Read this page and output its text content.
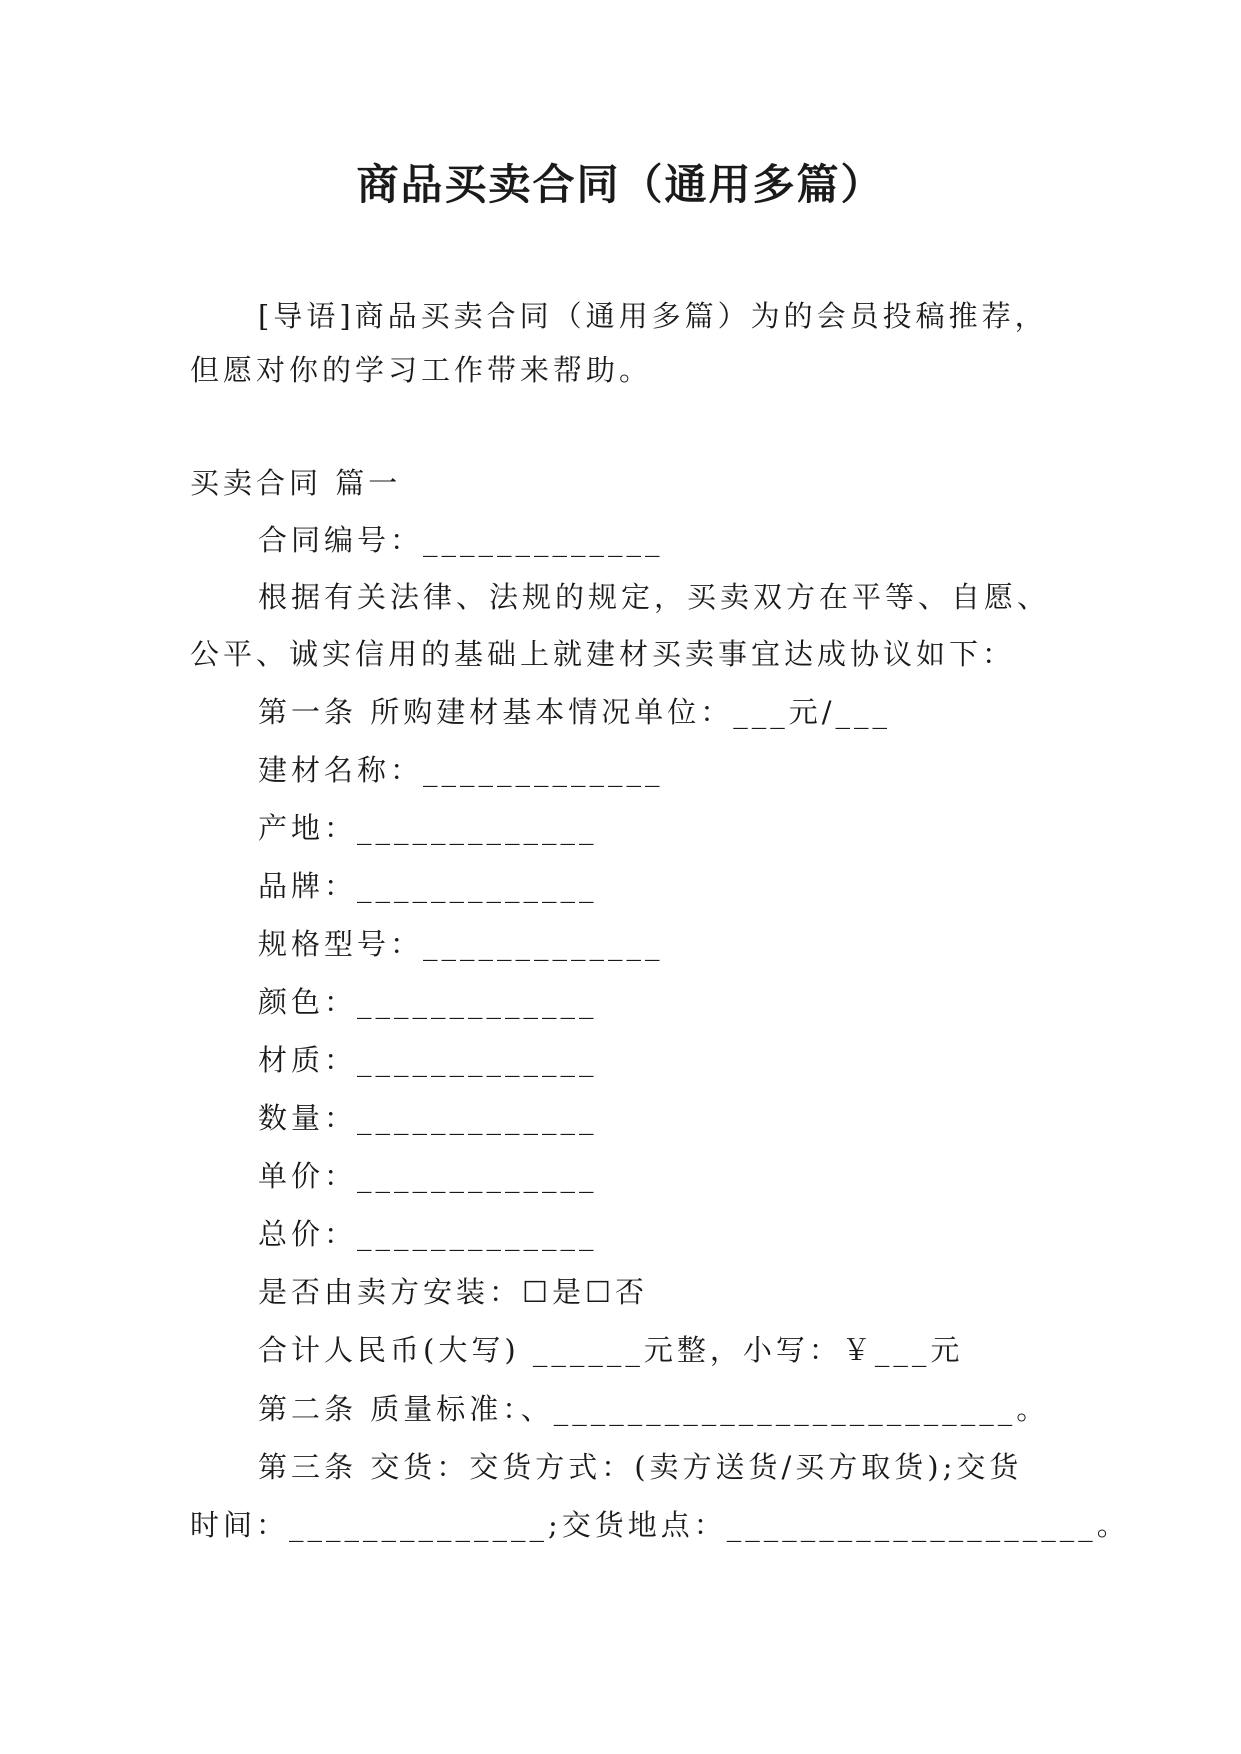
商品买卖合同（通用多篇）
[导语]商品买卖合同（通用多篇）为的会员投稿推荐，
但愿对你的学习工作带来帮助。
买卖合同 篇一
合同编号：_____________
根据有关法律、法规的规定，买卖双方在平等、自愿、
公平、诚实信用的基础上就建材买卖事宜达成协议如下：
第一条 所购建材基本情况单位：___元/___
建材名称：_____________
产地：_____________
品牌：_____________
规格型号：_____________
颜色：_____________
材质：_____________
数量：_____________
单价：_____________
总价：_____________
是否由卖方安装：☐是☐否
合计人民币(大写) ______元整，小写：￥___元
第二条 质量标准：、_________________________。
第三条 交货：交货方式：(卖方送货/买方取货);交货
时间：______________;交货地点：____________________。
